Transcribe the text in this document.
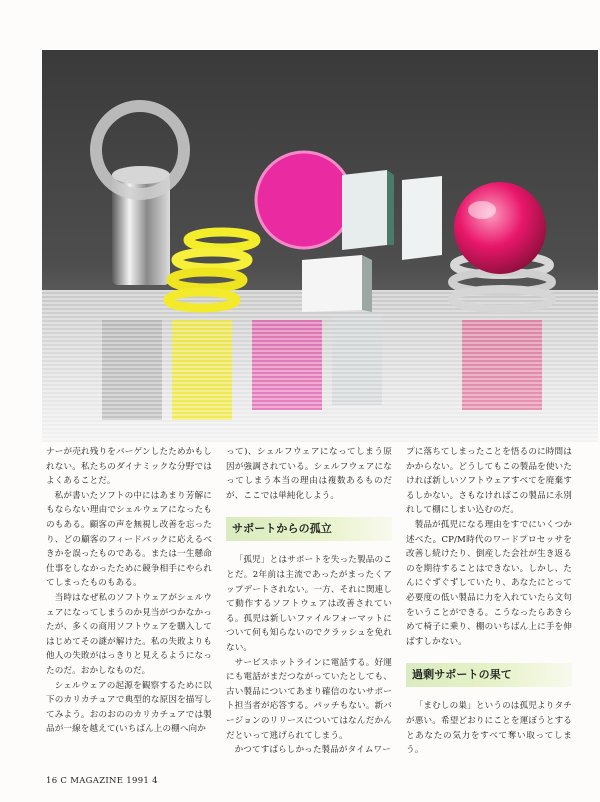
ナーが売れ残りをバーゲンしたためかもしれない。私たちのダイナミックな分野ではよくあることだ。

私が書いたソフトの中にはあまり芳解にもならない理由でシェルウェアになったものもある。顧客の声を無視し改善を忘ったり、どの顧客のフィードバックに応えるべきかを誤ったものである。または一生懸命仕事をしなかったために競争相手にやられてしまったものもある。

当時はなぜ私のソフトウェアがシェルウェアになってしまうのか見当がつかなかったが、多くの商用ソフトウェアを購入してはじめてその謎が解けた。私の失敗よりも他人の失敗がはっきりと見えるようになったのだ。おかしなものだ。

シェルウェアの起源を観察するために以下のカリカチュアで典型的な原因を描写してみよう。おのおののカリカチュアでは製品が一線を越えて(いちばん上の棚へ向か

って)、シェルフウェアになってしまう原因が強調されている。シェルフウェアになってしまう本当の理由は複数あるものだが、ここでは単純化しよう。

サポートからの孤立

「孤児」とはサポートを失った製品のことだ。2年前は主流であったがまったくアップデートされない。一方、それに関連して動作するソフトウェアは改善されている。孤児は新しいファイルフォーマットについて何も知らないのでクラッシュを免れない。

サービスホットラインに電話する。好運にも電話がまだつながっていたとしても、古い製品についてあまり確信のないサポート担当者が応答する。パッチもない。新バージョンのリリースについてはなんだかんだといって逃げられてしまう。

かつてすばらしかった製品がタイムワー

プに落ちてしまったことを悟るのに時間はかからない。どうしてもこの製品を使いたければ新しいソフトウェアすべてを廃棄するしかない。さもなければこの製品に永別れして棚にしまい込むのだ。

製品が孤児になる理由をすでにいくつか述べた。CP/M時代のワードプロセッサを改善し続けたり、倒産した会社が生き返るのを期待することはできない。しかし、たんにぐずぐずしていたり、あなたにとって必要度の低い製品に力を入れていたら文句をいうことができる。こうなったらあきらめて椅子に乗り、棚のいちばん上に手を伸ばすしかない。

過剰サポートの果て

「まむしの巣」というのは孤児よりタチが悪い。希望どおりにことを運ぼうとするとあなたの気力をすべて奪い取ってしまう。

16 C MAGAZINE 1991 4
